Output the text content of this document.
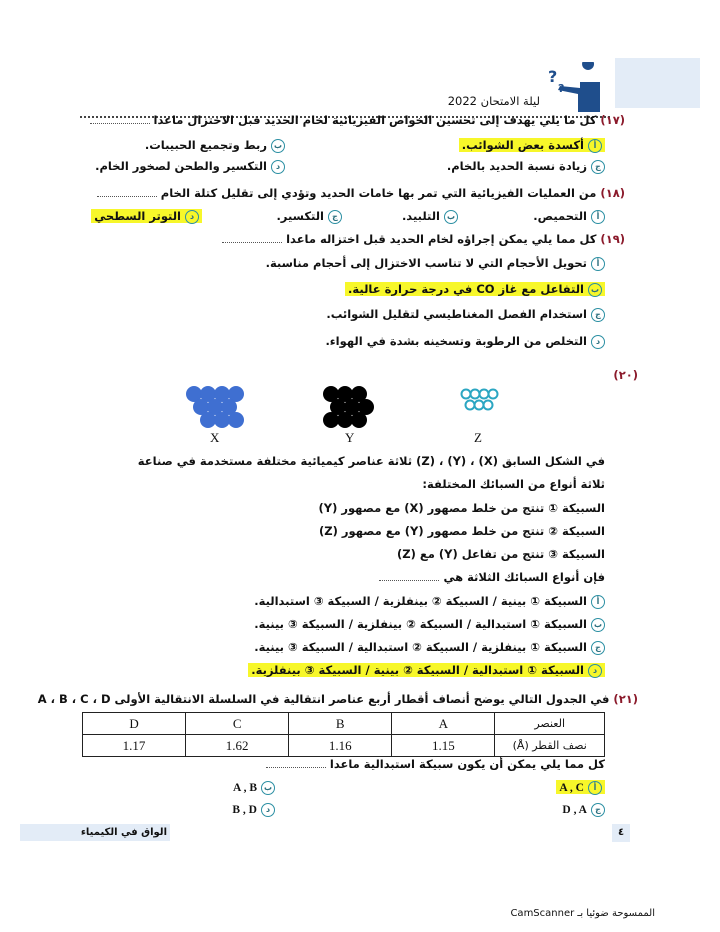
?
?
ليلة الامتحان 2022
(١٧) كل ما يلي يهدف إلى تحسين الخواص الفيزيائية لخام الحديد قبل الاختزال ماعدا
أأكسدة بعض الشوائب.
بربط وتجميع الحبيبات.
جزيادة نسبة الحديد بالخام.
دالتكسير والطحن لصخور الخام.
(١٨) من العمليات الفيزيائية التي تمر بها خامات الحديد وتؤدي إلى تقليل كتلة الخام
أالتحميص.
بالتلبيد.
جالتكسير.
دالتوتر السطحي
(١٩) كل مما يلي يمكن إجراؤه لخام الحديد قبل اختزاله ماعدا
أتحويل الأحجام التي لا تناسب الاختزال إلى أحجام مناسبة.
بالتفاعل مع غاز CO في درجة حرارة عالية.
جاستخدام الفصل المغناطيسي لتقليل الشوائب.
دالتخلص من الرطوبة وتسخينه بشدة في الهواء.
(٢٠)
X	Y	Z
في الشكل السابق (X) ، (Y) ، (Z) ثلاثة عناصر كيميائية مختلفة مستخدمة في صناعة
ثلاثة أنواع من السبائك المختلفة:
السبيكة ① تنتج من خلط مصهور (X) مع مصهور (Y)
السبيكة ② تنتج من خلط مصهور (Y) مع مصهور (Z)
السبيكة ③ تنتج من تفاعل (Y) مع (Z)
فإن أنواع السبائك الثلاثة هي
أالسبيكة ① بينية / السبيكة ② بينفلزية / السبيكة ③ استبدالية.
بالسبيكة ① استبدالية / السبيكة ② بينفلزية / السبيكة ③ بينية.
جالسبيكة ① بينفلزية / السبيكة ② استبدالية / السبيكة ③ بينية.
دالسبيكة ① استبدالية / السبيكة ② بينية / السبيكة ③ بينفلزية.
(٢١) في الجدول التالي يوضح أنصاف أقطار أربع عناصر انتقالية في السلسلة الانتقالية الأولى A ، B ، C ، D
العنصر	A	B	C	D
نصف القطر (Å)	1.15	1.16	1.62	1.17
كل مما يلي يمكن أن يكون سبيكة استبدالية ماعدا
أA , C
بA , B
جD , A
دB , D
الواق في الكيمياء	٤
الممسوحة ضوئيا بـ CamScanner
